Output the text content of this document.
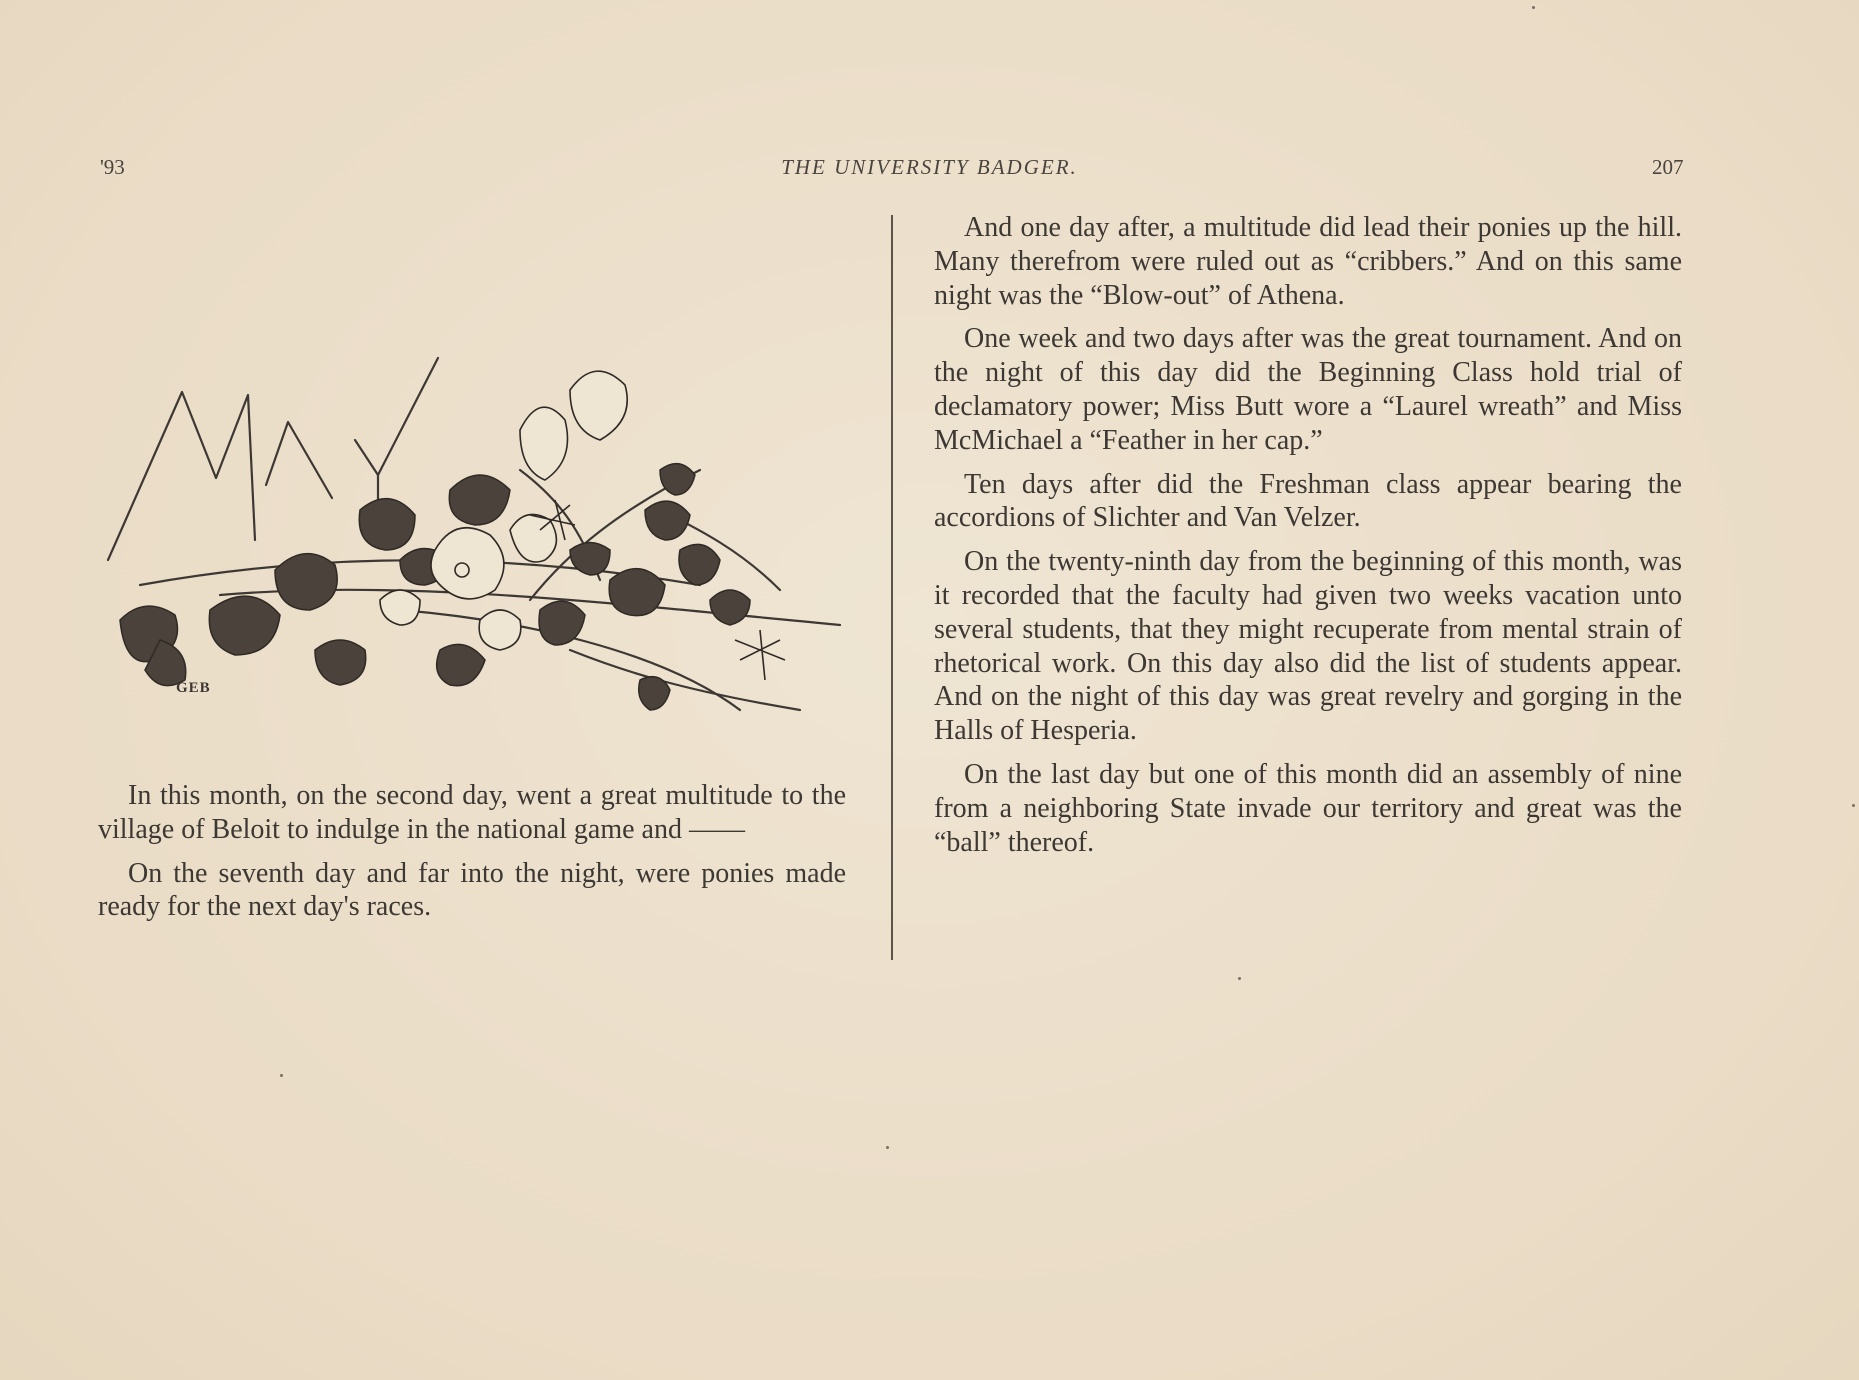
'93	THE UNIVERSITY BADGER.	207
GEB

In this month, on the second day, went a great multitude to the village of Beloit to indulge in the national game and ——

On the seventh day and far into the night, were ponies made ready for the next day's races.

And one day after, a multitude did lead their ponies up the hill. Many therefrom were ruled out as “cribbers.” And on this same night was the “Blow-out” of Athena.

One week and two days after was the great tournament. And on the night of this day did the Beginning Class hold trial of declamatory power; Miss Butt wore a “Laurel wreath” and Miss McMichael a “Feather in her cap.”

Ten days after did the Freshman class appear bearing the accordions of Slichter and Van Velzer.

On the twenty-ninth day from the beginning of this month, was it recorded that the faculty had given two weeks vacation unto several students, that they might recuperate from mental strain of rhetorical work. On this day also did the list of students appear. And on the night of this day was great revelry and gorging in the Halls of Hesperia.

On the last day but one of this month did an assembly of nine from a neighboring State invade our territory and great was the “ball” thereof.
